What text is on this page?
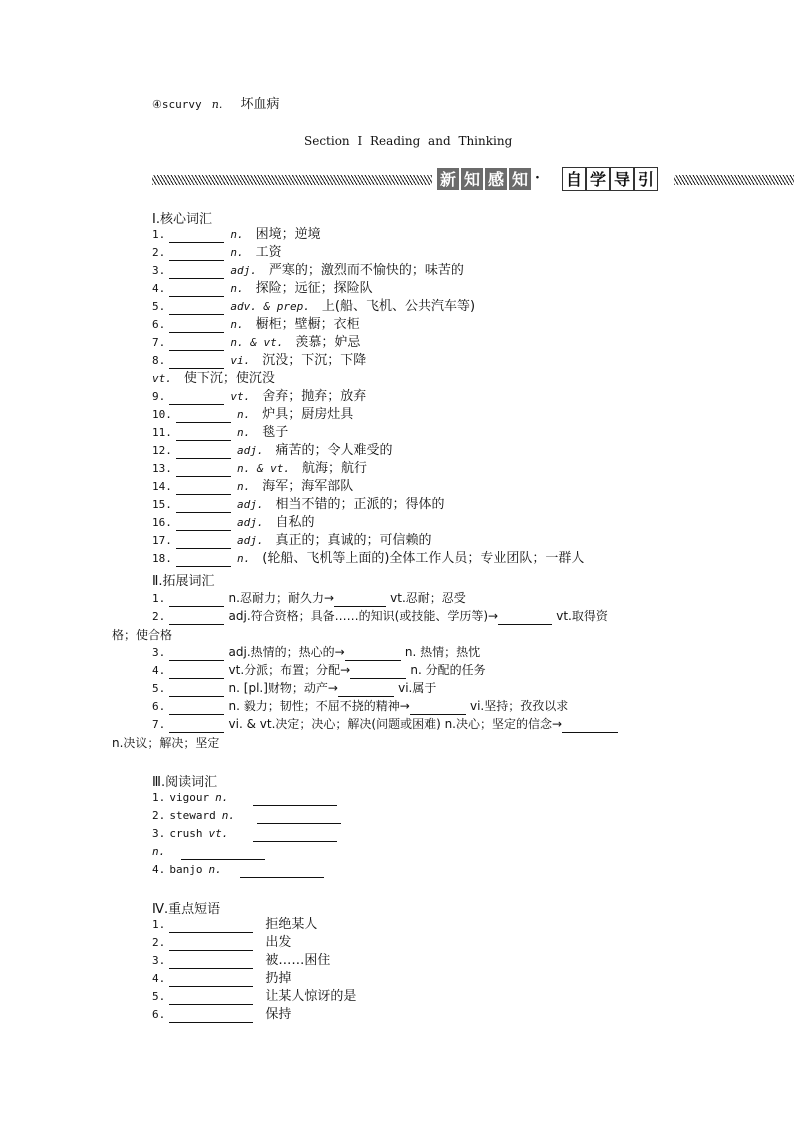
④scurvy n. 坏血病
Section Ⅰ Reading and Thinking
新 知 感 知 · 自 学 导 引
Ⅰ.核心词汇
1.	n. 困境；逆境
2.	n. 工资
3.	adj. 严寒的；激烈而不愉快的；味苦的
4.	n. 探险；远征；探险队
5.	adv. & prep. 上(船、飞机、公共汽车等)
6.	n. 橱柜；壁橱；衣柜
7.	n. & vt. 羡慕；妒忌
8.	vi. 沉没；下沉；下降
vt. 使下沉；使沉没
9.	vt. 舍弃；抛弃；放弃
10.	n. 炉具；厨房灶具
11.	n. 毯子
12.	adj. 痛苦的；令人难受的
13.	n. & vt. 航海；航行
14.	n. 海军；海军部队
15.	adj. 相当不错的；正派的；得体的
16.	adj. 自私的
17.	adj. 真正的；真诚的；可信赖的
18.	n. (轮船、飞机等上面的)全体工作人员；专业团队；一群人
Ⅱ.拓展词汇
1.	n.忍耐力；耐久力→	vt.忍耐；忍受
2.	adj.符合资格；具备……的知识(或技能、学历等)→	vt.取得资
格；使合格
3.	adj.热情的；热心的→	n. 热情；热忱
4.	vt.分派；布置；分配→	n. 分配的任务
5.	n. [pl.]财物；动产→	vi.属于
6.	n. 毅力；韧性；不屈不挠的精神→	vi.坚持；孜孜以求
7.	vi. & vt.决定；决心；解决(问题或困难) n.决心；坚定的信念→
n.决议；解决；坚定
Ⅲ.阅读词汇
1. vigour n.
2. steward n.
3. crush vt.
n.
4. banjo n.
Ⅳ.重点短语
1.	拒绝某人
2.	出发
3.	被……困住
4.	扔掉
5.	让某人惊讶的是
6.	保持
